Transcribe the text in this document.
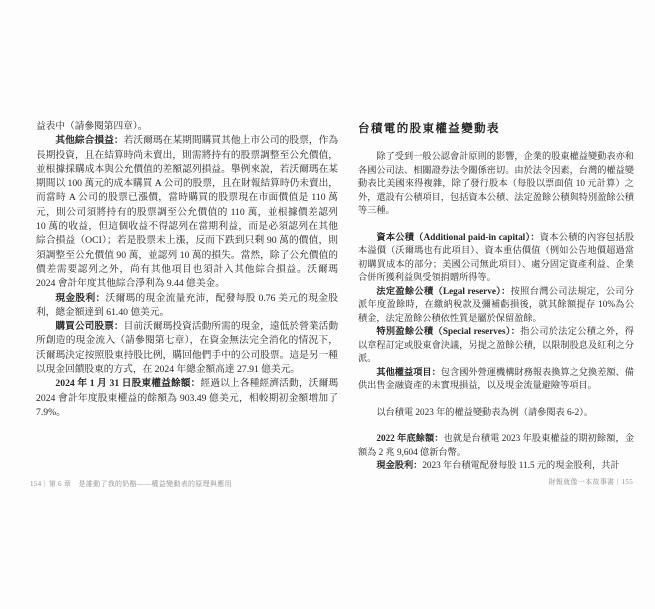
益表中（請參閱第四章）。

其他綜合損益：若沃爾瑪在某期間購買其他上市公司的股票，作為長期投資，且在結算時尚未賣出，則需將持有的股票調整至公允價值，並根據採購成本與公允價值的差額認列損益。舉例來說，若沃爾瑪在某期間以 100 萬元的成本購買 A 公司的股票，且在財報結算時仍未賣出，而當時 A 公司的股票已漲價，當時購買的股票現在市面價值是 110 萬元，則公司須將持有的股票調至公允價值的 110 萬，並根據價差認列 10 萬的收益，但這個收益不得認列在當期利益，而是必須認列在其他綜合損益（OCI）；若是股票未上漲，反而下跌到只剩 90 萬的價值，則須調整至公允價值 90 萬，並認列 10 萬的損失。當然，除了公允價值的價差需要認列之外，尚有其他項目也須計入其他綜合損益。沃爾瑪 2024 會計年度其他綜合淨利為 9.44 億美金。

現金股利：沃爾瑪的現金流量充沛，配發每股 0.76 美元的現金股利，總金額達到 61.40 億美元。

購買公司股票：目前沃爾瑪投資活動所需的現金，遠低於營業活動所創造的現金流入（請參閱第七章），在資金無法完全消化的情況下，沃爾瑪決定按照股東持股比例，購回他們手中的公司股票。這是另一種以現金回饋股東的方式，在 2024 年總金額高達 27.91 億美元。

2024 年 1 月 31 日股東權益餘額：經過以上各種經濟活動，沃爾瑪 2024 會計年度股東權益的餘額為 903.49 億美元，相較期初金額增加了 7.9%。

台積電的股東權益變動表

除了受到一般公認會計原則的影響，企業的股東權益變動表亦和各國公司法、相關證券法令關係密切。由於法令因素，台灣的權益變動表比美國來得複雜，除了發行股本（每股以票面值 10 元計算）之外，還設有公積項目，包括資本公積、法定盈餘公積與特別盈餘公積等三種。

資本公積（Additional paid-in capital）：資本公積的內容包括股本溢價（沃爾瑪也有此項目）、資本重估價值（例如公告地價超過當初購買成本的部分；美國公司無此項目）、處分固定資產利益、企業合併所獲利益與受領捐贈所得等。

法定盈餘公積（Legal reserve）：按照台灣公司法規定，公司分派年度盈餘時，在繳納稅款及彌補虧損後，就其餘額提存 10%為公積金，法定盈餘公積依性質是屬於保留盈餘。

特別盈餘公積（Special reserves）：指公司於法定公積之外，得以章程訂定或股東會決議，另提之盈餘公積，以限制股息及紅利之分派。

其他權益項目：包含國外營運機構財務報表換算之兌換差額、備供出售金融資產的未實現損益，以及現金流量避險等項目。

以台積電 2023 年的權益變動表為例（請參閱表 6-2）。

2022 年底餘額：也就是台積電 2023 年股東權益的期初餘額，金額為 2 兆 9,604 億新台幣。

現金股利：2023 年台積電配發每股 11.5 元的現金股利，共計

154｜第 6 章　是誰動了我的奶酪——權益變動表的原理與應用	財報就像一本故事書｜155
